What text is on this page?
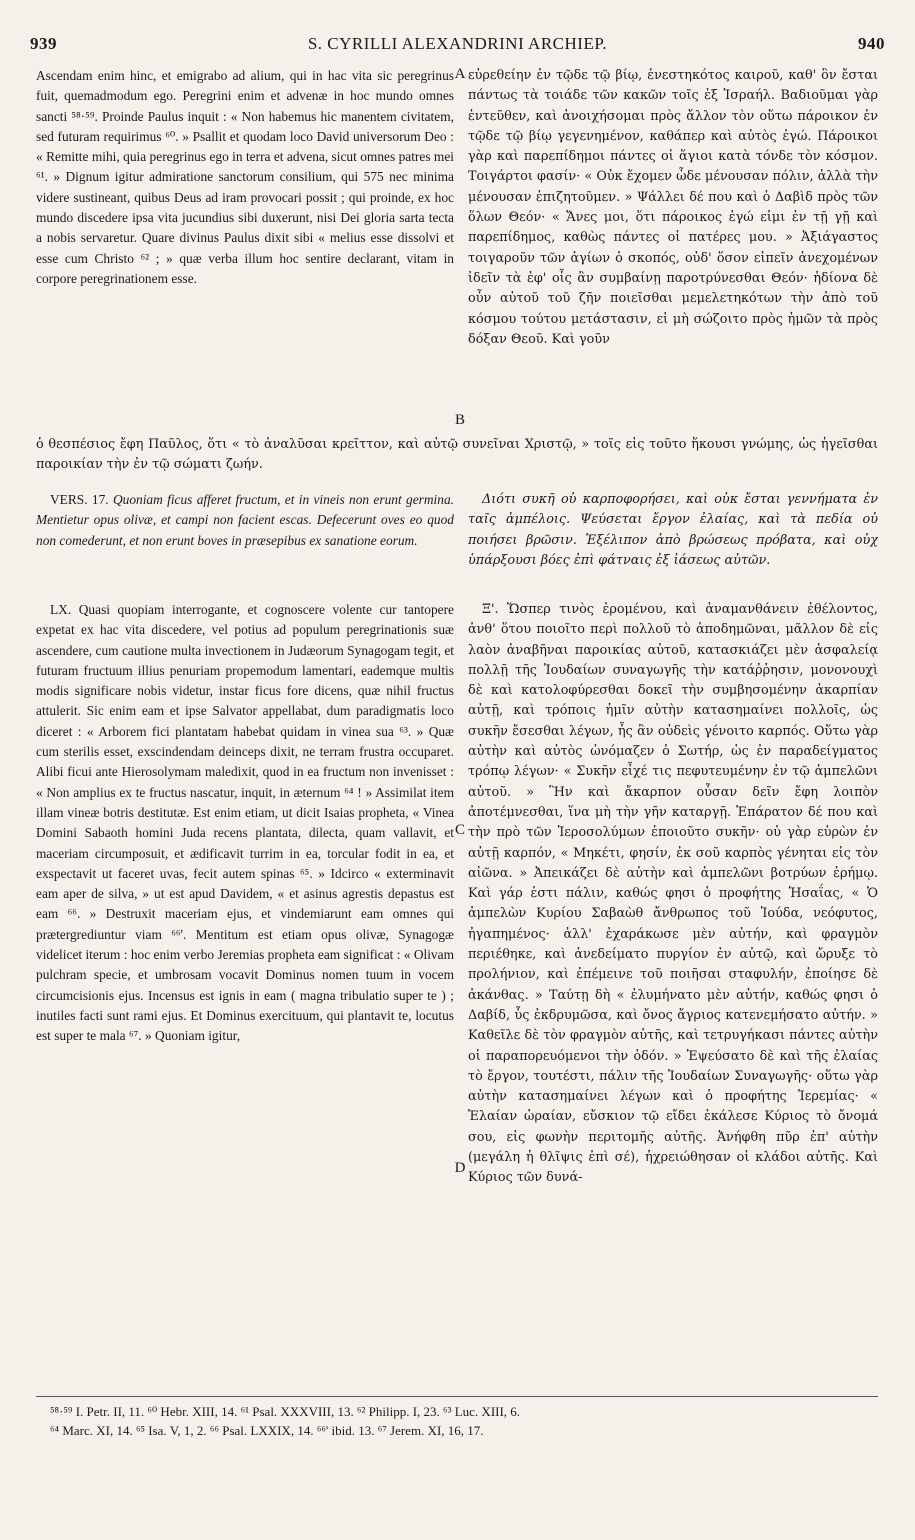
939	S. CYRILLI ALEXANDRINI ARCHIEP.	940

Ascendam enim hinc, et emigrabo ad alium, qui in hac vita sic peregrinus fuit, quemadmodum ego. Peregrini enim et advenæ in hoc mundo omnes sancti ⁵⁸·⁵⁹. Proinde Paulus inquit : « Non habemus hic manentem civitatem, sed futuram requirimus ⁶⁰. » Psallit et quodam loco David universorum Deo : « Remitte mihi, quia peregrinus ego in terra et advena, sicut omnes patres mei ⁶¹. » Dignum igitur admiratione sanctorum consilium, qui 575 nec minima videre sustineant, quibus Deus ad iram provocari possit ; qui proinde, ex hoc mundo discedere ipsa vita jucundius sibi duxerunt, nisi Dei gloria sarta tecta a nobis servaretur. Quare divinus Paulus dixit sibi « melius esse dissolvi et esse cum Christo ⁶² ; » quæ verba illum hoc sentire declarant, vitam in corpore peregrinationem esse.

εὐρεθείην ἐν τῷδε τῷ βίῳ, ἐνεστηκότος καιροῦ, καθ' ὃν ἔσται πάντως τὰ τοιάδε τῶν κακῶν τοῖς ἐξ Ἰσραήλ. Βαδιοῦμαι γὰρ ἐντεῦθεν, καὶ ἀνοιχήσομαι πρὸς ἄλλον τὸν οὕτω πάροικον ἐν τῷδε τῷ βίῳ γεγενημένον, καθάπερ καὶ αὐτὸς ἐγώ. Πάροικοι γὰρ καὶ παρεπίδημοι πάντες οἱ ἅγιοι κατὰ τόνδε τὸν κόσμον. Τοιγάρτοι φασίν· « Οὐκ ἔχομεν ὧδε μένουσαν πόλιν, ἀλλὰ τὴν μένουσαν ἐπιζητοῦμεν. » Ψάλλει δέ που καὶ ὁ Δαβὶδ πρὸς τῶν ὅλων Θεόν· « Ἄνες μοι, ὅτι πάροικος ἐγώ εἰμι ἐν τῇ γῇ καὶ παρεπίδημος, καθὼς πάντες οἱ πατέρες μου. » Ἀξιάγαστος τοιγαροῦν τῶν ἁγίων ὁ σκοπός, οὐδ' ὅσον εἰπεῖν ἀνεχομένων ἰδεῖν τὰ ἐφ' οἷς ἂν συμβαίνῃ παροτρύνεσθαι Θεόν· ἡδίονα δὲ οὖν αὐτοῦ τοῦ ζῆν ποιεῖσθαι μεμελετηκότων τὴν ἀπὸ τοῦ κόσμου τούτου μετάστασιν, εἰ μὴ σώζοιτο πρὸς ἡμῶν τὰ πρὸς δόξαν Θεοῦ. Καὶ γοῦν

A
B
C
D
ὁ θεσπέσιος ἔφη Παῦλος, ὅτι « τὸ ἀναλῦσαι κρεῖττον, καὶ αὐτῷ συνεῖναι Χριστῷ, » τοῖς εἰς τοῦτο ἥκουσι γνώμης, ὡς ἡγεῖσθαι παροικίαν τὴν ἐν τῷ σώματι ζωήν.

VERS. 17. Quoniam ficus afferet fructum, et in vineis non erunt germina. Mentietur opus olivæ, et campi non facient escas. Defecerunt oves eo quod non comederunt, et non erunt boves in præsepibus ex sanatione eorum.

Διότι συκῆ οὐ καρποφορήσει, καὶ οὐκ ἔσται γεννήματα ἐν ταῖς ἀμπέλοις. Ψεύσεται ἔργον ἐλαίας, καὶ τὰ πεδία οὐ ποιήσει βρῶσιν. Ἐξέλιπον ἀπὸ βρώσεως πρόβατα, καὶ οὐχ ὑπάρξουσι βόες ἐπὶ φάτναις ἐξ ἰάσεως αὐτῶν.

LX. Quasi quopiam interrogante, et cognoscere volente cur tantopere expetat ex hac vita discedere, vel potius ad populum peregrinationis suæ ascendere, cum cautione multa invectionem in Judæorum Synagogam tegit, et futuram fructuum illius penuriam propemodum lamentari, eademque multis modis significare nobis videtur, instar ficus fore dicens, quæ nihil fructus attulerit. Sic enim eam et ipse Salvator appellabat, dum paradigmatis loco diceret : « Arborem fici plantatam habebat quidam in vinea sua ⁶³. » Quæ cum sterilis esset, exscindendam deinceps dixit, ne terram frustra occuparet. Alibi ficui ante Hierosolymam maledixit, quod in ea fructum non invenisset : « Non amplius ex te fructus nascatur, inquit, in æternum ⁶⁴ ! » Assimilat item illam vineæ botris destitutæ. Est enim etiam, ut dicit Isaias propheta, « Vinea Domini Sabaoth homini Juda recens plantata, dilecta, quam vallavit, et maceriam circumposuit, et ædificavit turrim in ea, torcular fodit in ea, et exspectavit ut faceret uvas, fecit autem spinas ⁶⁵. » Idcirco « exterminavit eam aper de silva, » ut est apud Davidem, « et asinus agrestis depastus est eam ⁶⁶. » Destruxit maceriam ejus, et vindemiarunt eam omnes qui prætergrediuntur viam ⁶⁶'. Mentitum est etiam opus olivæ, Synagogæ videlicet iterum : hoc enim verbo Jeremias propheta eam significat : « Olivam pulchram specie, et umbrosam vocavit Dominus nomen tuum in vocem circumcisionis ejus. Incensus est ignis in eam ( magna tribulatio super te ) ; inutiles facti sunt rami ejus. Et Dominus exercituum, qui plantavit te, locutus est super te mala ⁶⁷. » Quoniam igitur,

Ξ'. Ὥσπερ τινὸς ἐρομένου, καὶ ἀναμανθάνειν ἐθέλοντος, ἀνθ' ὅτου ποιοῖτο περὶ πολλοῦ τὸ ἀποδημῶναι, μᾶλλον δὲ εἰς λαὸν ἀναβῆναι παροικίας αὐτοῦ, κατασκιάζει μὲν ἀσφαλείᾳ πολλῇ τῆς Ἰουδαίων συναγωγῆς τὴν κατάῤῥησιν, μονονουχὶ δὲ καὶ κατολοφύρεσθαι δοκεῖ τὴν συμβησομένην ἀκαρπίαν αὐτῇ, καὶ τρόποις ἡμῖν αὐτὴν κατασημαίνει πολλοῖς, ὡς συκῆν ἔσεσθαι λέγων, ἧς ἂν οὐδεὶς γένοιτο καρπός. Οὕτω γὰρ αὐτὴν καὶ αὐτὸς ὠνόμαζεν ὁ Σωτήρ, ὡς ἐν παραδείγματος τρόπῳ λέγων· « Συκῆν εἶχέ τις πεφυτευμένην ἐν τῷ ἀμπελῶνι αὐτοῦ. » Ἣν καὶ ἄκαρπον οὖσαν δεῖν ἔφη λοιπὸν ἀποτέμνεσθαι, ἵνα μὴ τὴν γῆν καταργῇ. Ἐπάρατον δέ που καὶ τὴν πρὸ τῶν Ἱεροσολύμων ἐποιοῦτο συκῆν· οὐ γὰρ εὑρὼν ἐν αὐτῇ καρπόν, « Μηκέτι, φησίν, ἐκ σοῦ καρπὸς γένηται εἰς τὸν αἰῶνα. » Ἀπεικάζει δὲ αὐτὴν καὶ ἀμπελῶνι βοτρύων ἐρήμῳ. Καὶ γάρ ἐστι πάλιν, καθώς φησι ὁ προφήτης Ἡσαΐας, « Ὁ ἀμπελὼν Κυρίου Σαβαὼθ ἄνθρωπος τοῦ Ἰούδα, νεόφυτος, ἠγαπημένος· ἀλλ' ἐχαράκωσε μὲν αὐτήν, καὶ φραγμὸν περιέθηκε, καὶ ἀνεδείματο πυργίον ἐν αὐτῷ, καὶ ὤρυξε τὸ προλήνιον, καὶ ἐπέμεινε τοῦ ποιῆσαι σταφυλήν, ἐποίησε δὲ ἀκάνθας. » Ταύτῃ δὴ « ἐλυμήνατο μὲν αὐτήν, καθώς φησι ὁ Δαβίδ, ὗς ἐκδρυμῶσα, καὶ ὄνος ἄγριος κατενεμήσατο αὐτήν. » Καθεῖλε δὲ τὸν φραγμὸν αὐτῆς, καὶ τετρυγήκασι πάντες αὐτὴν οἱ παραπορευόμενοι τὴν ὁδόν. » Ἐψεύσατο δὲ καὶ τῆς ἐλαίας τὸ ἔργον, τουτέστι, πάλιν τῆς Ἰουδαίων Συναγωγῆς· οὕτω γὰρ αὐτὴν κατασημαίνει λέγων καὶ ὁ προφήτης Ἱερεμίας· « Ἐλαίαν ὡραίαν, εὔσκιον τῷ εἴδει ἐκάλεσε Κύριος τὸ ὄνομά σου, εἰς φωνὴν περιτομῆς αὐτῆς. Ἀνήφθη πῦρ ἐπ' αὐτὴν (μεγάλη ἡ θλῖψις ἐπὶ σέ), ἠχρειώθησαν οἱ κλάδοι αὐτῆς. Καὶ Κύριος τῶν δυνά-

⁵⁸·⁵⁹ I. Petr. II, 11. ⁶⁰ Hebr. XIII, 14. ⁶¹ Psal. XXXVIII, 13. ⁶² Philipp. I, 23. ⁶³ Luc. XIII, 6.

⁶⁴ Marc. XI, 14. ⁶⁵ Isa. V, 1, 2. ⁶⁶ Psal. LXXIX, 14. ⁶⁶' ibid. 13. ⁶⁷ Jerem. XI, 16, 17.
